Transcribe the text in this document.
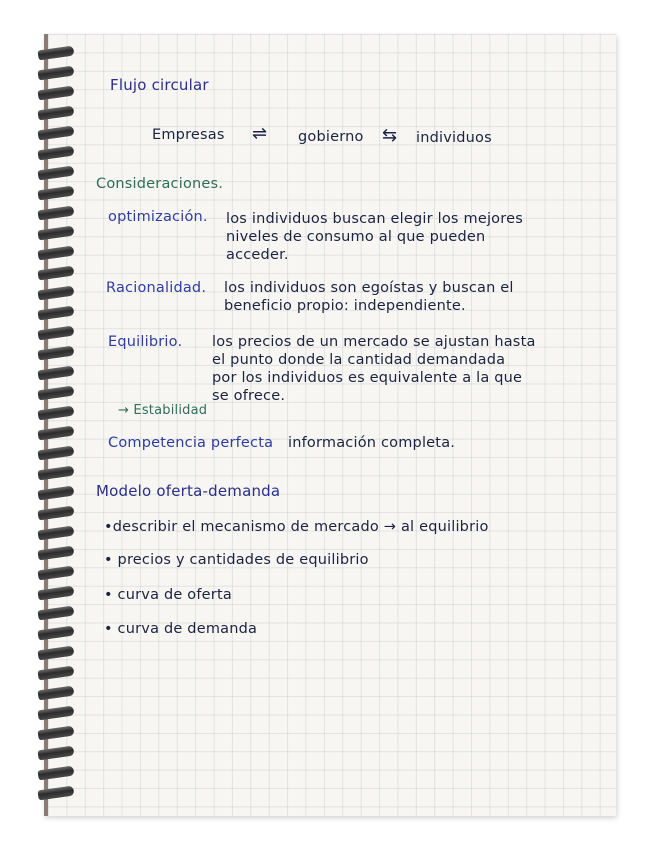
Flujo circular
Empresas ⇌ gobierno ⇆ individuos
Consideraciones.
optimización. los individuos buscan elegir los mejores
niveles de consumo al que pueden
acceder.
Racionalidad. los individuos son egoístas y buscan el
beneficio propio: independiente.
Equilibrio. los precios de un mercado se ajustan hasta
el punto donde la cantidad demandada
por los individuos es equivalente a la que
se ofrece.
→ Estabilidad
Competencia perfecta información completa.
Modelo oferta-demanda
•describir el mecanismo de mercado → al equilibrio
• precios y cantidades de equilibrio
• curva de oferta
• curva de demanda
